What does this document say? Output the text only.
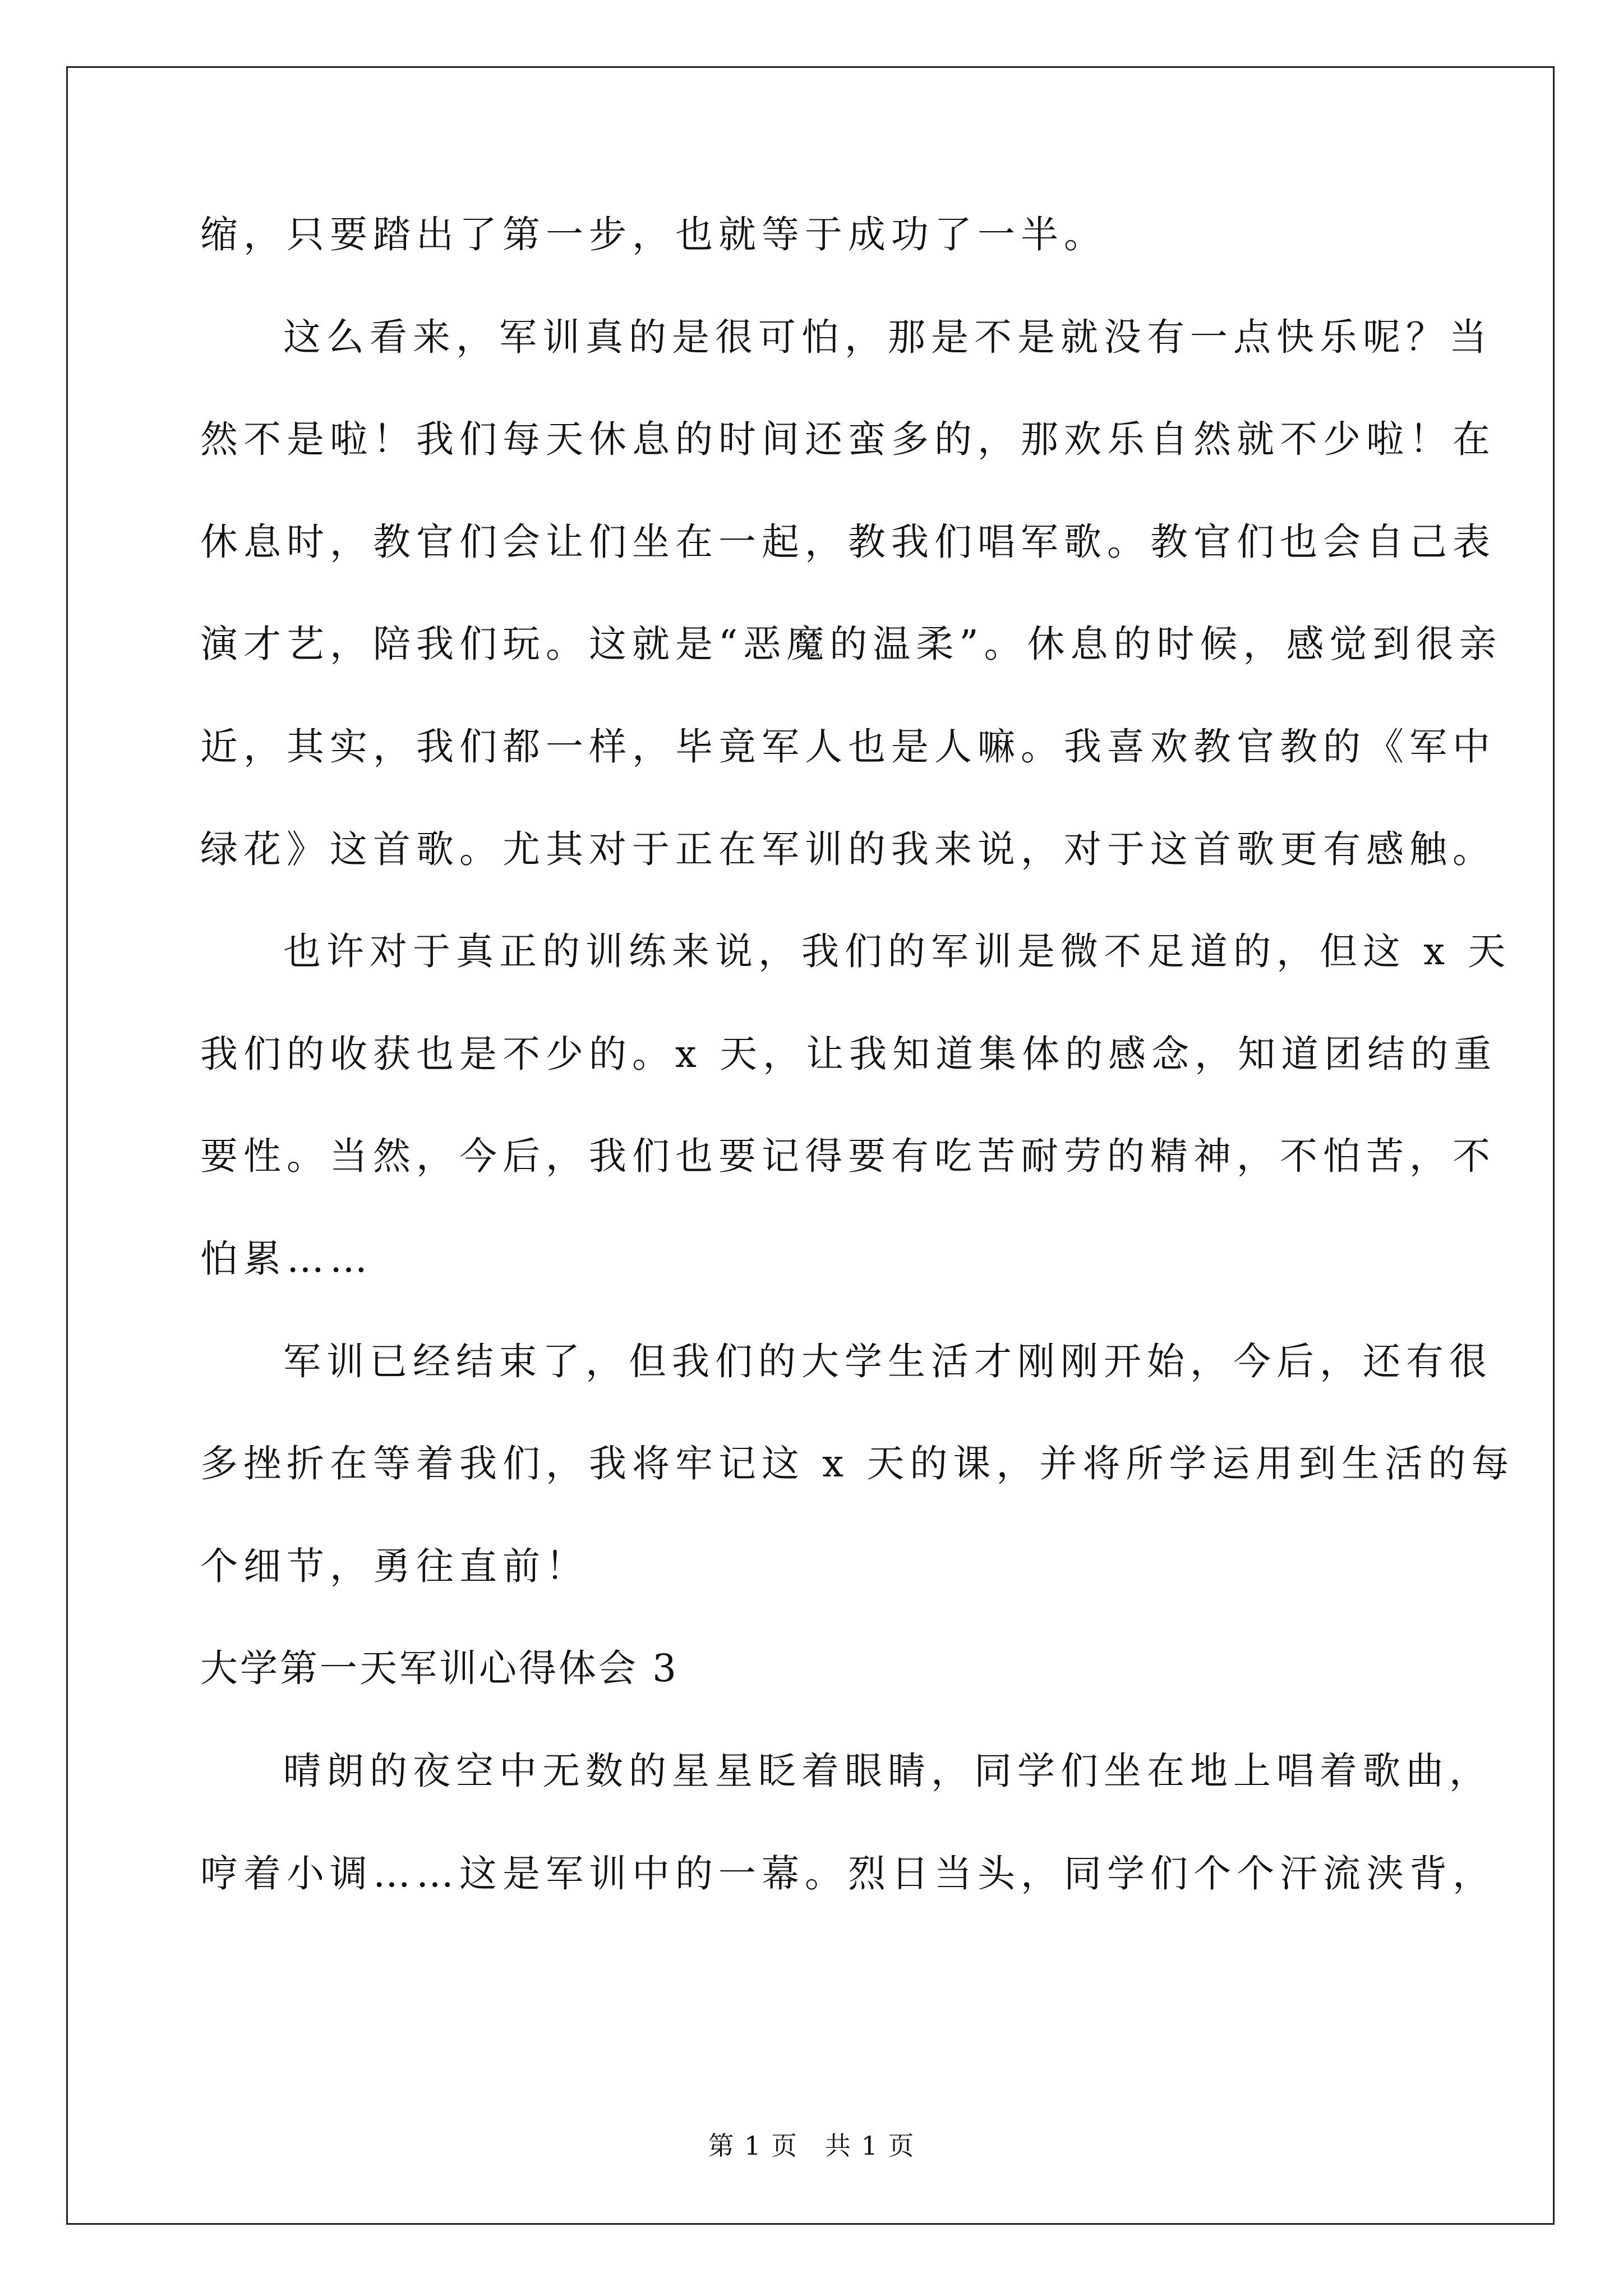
缩，只要踏出了第一步，也就等于成功了一半。
这么看来，军训真的是很可怕，那是不是就没有一点快乐呢？当
然不是啦！我们每天休息的时间还蛮多的，那欢乐自然就不少啦！在
休息时，教官们会让们坐在一起，教我们唱军歌。教官们也会自己表
演才艺，陪我们玩。这就是“恶魔的温柔”。休息的时候，感觉到很亲
近，其实，我们都一样，毕竟军人也是人嘛。我喜欢教官教的《军中
绿花》这首歌。尤其对于正在军训的我来说，对于这首歌更有感触。
也许对于真正的训练来说，我们的军训是微不足道的，但这 x 天
我们的收获也是不少的。x 天，让我知道集体的感念，知道团结的重
要性。当然，今后，我们也要记得要有吃苦耐劳的精神，不怕苦，不
怕累……
军训已经结束了，但我们的大学生活才刚刚开始，今后，还有很
多挫折在等着我们，我将牢记这 x 天的课，并将所学运用到生活的每
个细节，勇往直前！
大学第一天军训心得体会 3
晴朗的夜空中无数的星星眨着眼睛，同学们坐在地上唱着歌曲，
哼着小调……这是军训中的一幕。烈日当头，同学们个个汗流浃背，
第 1 页　共 1 页
